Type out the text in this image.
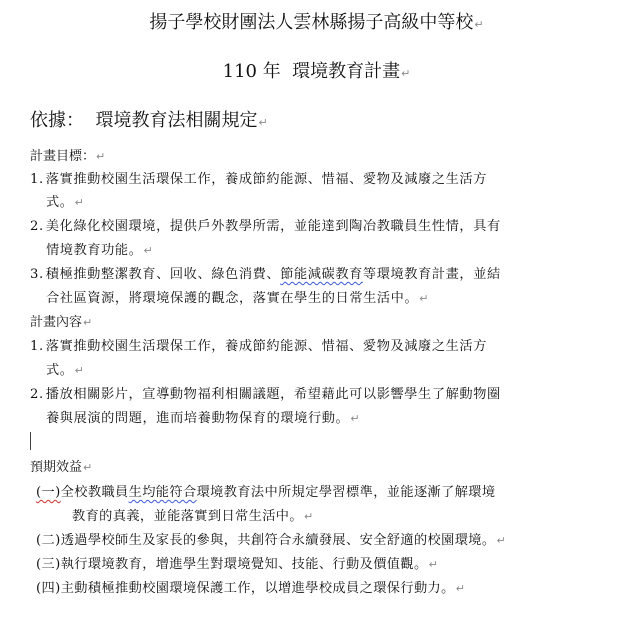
揚子學校財團法人雲林縣揚子高級中等校↵
110 年  環境教育計畫↵
依據：  環境教育法相關規定↵
計畫目標：↵
1. 落實推動校園生活環保工作，養成節約能源、惜福、愛物及減廢之生活方
式。↵
2. 美化綠化校園環境，提供戶外教學所需，並能達到陶冶教職員生性情，具有
情境教育功能。↵
3. 積極推動整潔教育、回收、綠色消費、節能減碳教育等環境教育計畫，並結
合社區資源，將環境保護的觀念，落實在學生的日常生活中。↵
計畫內容↵
1. 落實推動校園生活環保工作，養成節約能源、惜福、愛物及減廢之生活方
式。↵
2. 播放相關影片，宣導動物福利相關議題，希望藉此可以影響學生了解動物圈
養與展演的問題，進而培養動物保育的環境行動。↵
預期效益↵
(一)全校教職員生均能符合環境教育法中所規定學習標準，並能逐漸了解環境
教育的真義，並能落實到日常生活中。↵
(二)透過學校師生及家長的參與，共創符合永續發展、安全舒適的校園環境。↵
(三)執行環境教育，增進學生對環境覺知、技能、行動及價值觀。↵
(四)主動積極推動校園環境保護工作，以增進學校成員之環保行動力。↵
